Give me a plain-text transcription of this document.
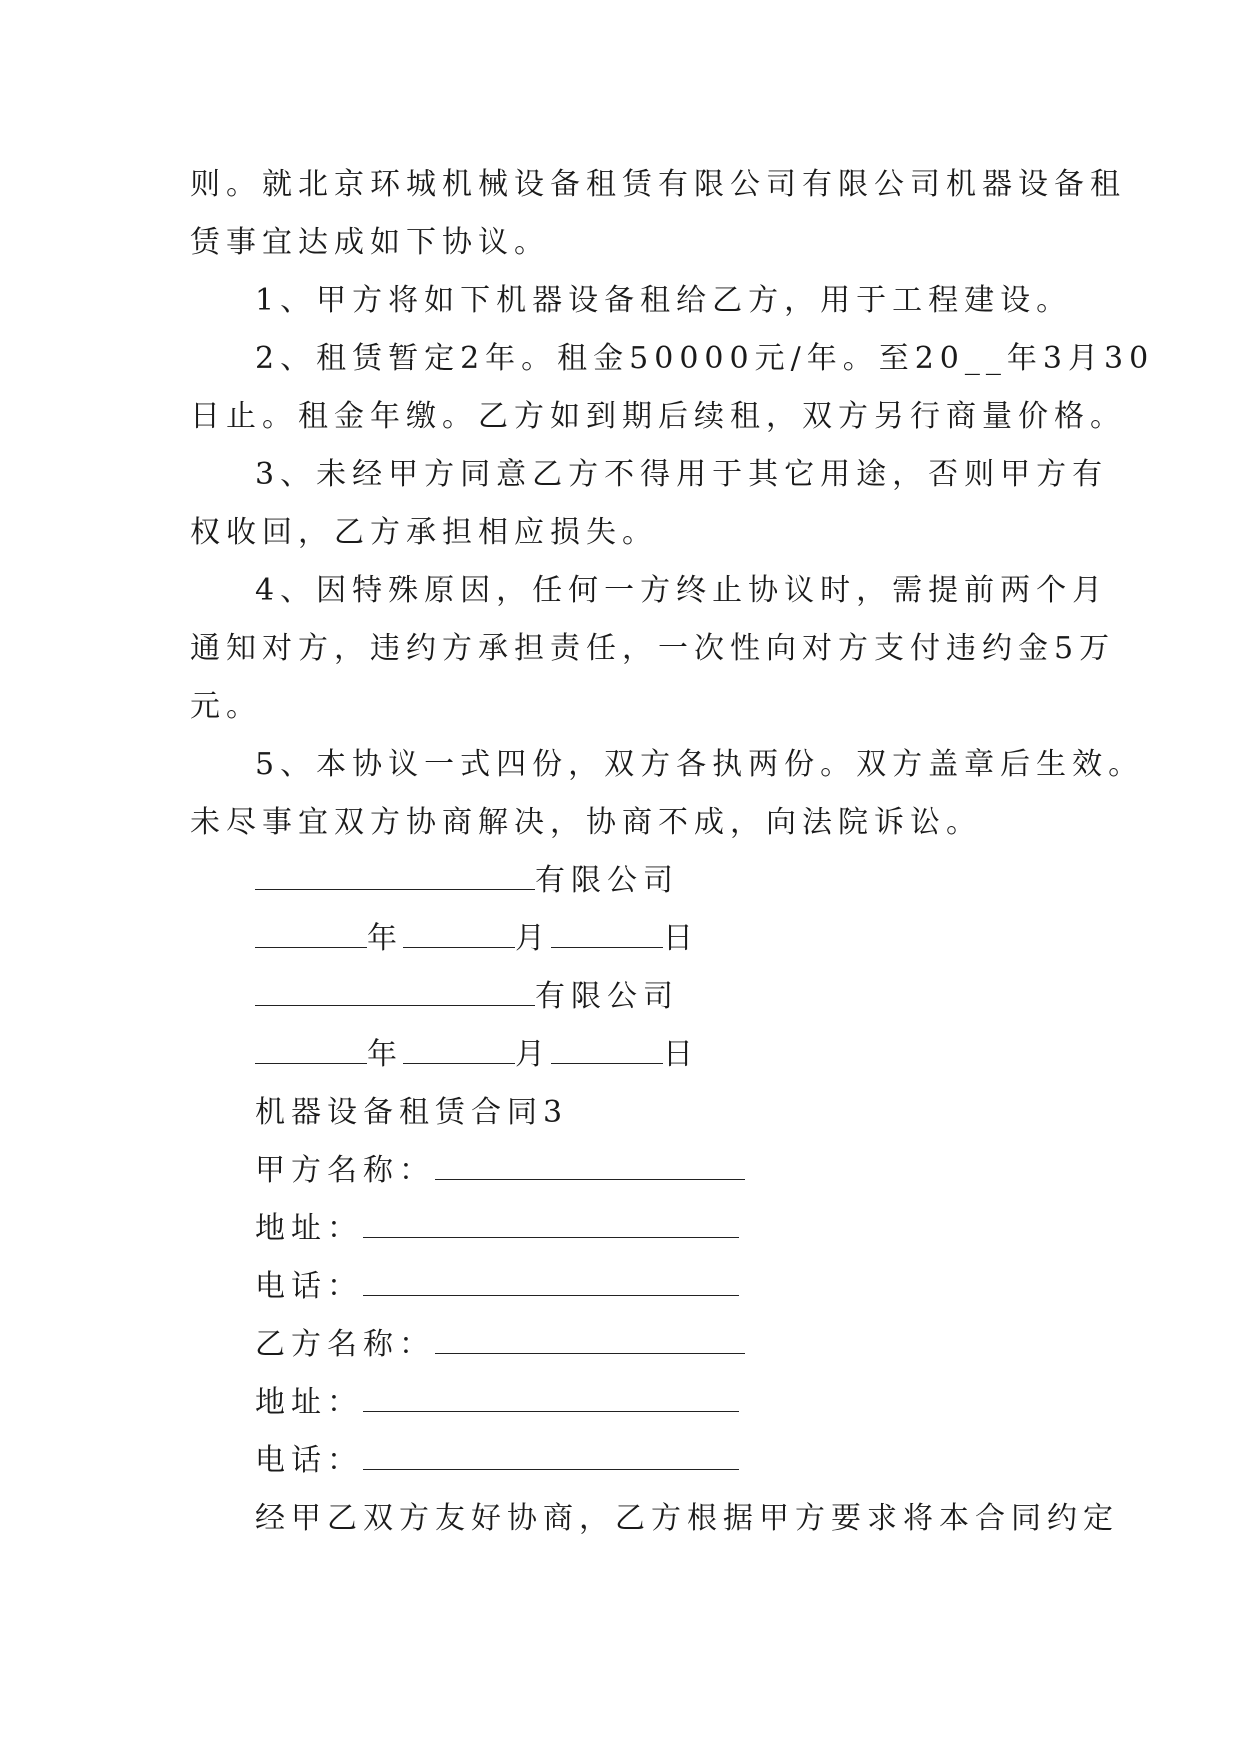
则。就北京环城机械设备租赁有限公司有限公司机器设备租
赁事宜达成如下协议。
1、甲方将如下机器设备租给乙方，用于工程建设。
2、租赁暂定2年。租金50000元/年。至20__年3月30
日止。租金年缴。乙方如到期后续租，双方另行商量价格。
3、未经甲方同意乙方不得用于其它用途，否则甲方有
权收回，乙方承担相应损失。
4、因特殊原因，任何一方终止协议时，需提前两个月
通知对方，违约方承担责任，一次性向对方支付违约金5万
元。
5、本协议一式四份，双方各执两份。双方盖章后生效。
未尽事宜双方协商解决，协商不成，向法院诉讼。
有限公司
年	月	日
有限公司
年	月	日
机器设备租赁合同3
甲方名称：
地址：
电话：
乙方名称：
地址：
电话：
经甲乙双方友好协商，乙方根据甲方要求将本合同约定
